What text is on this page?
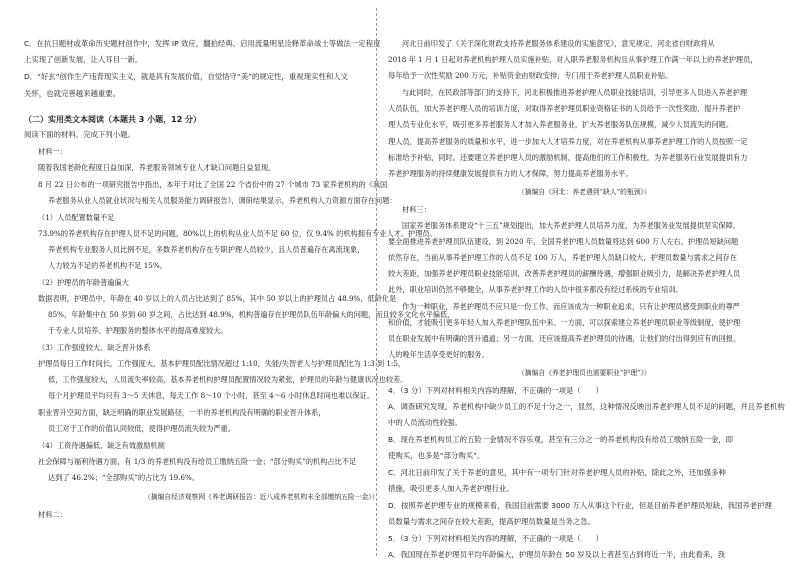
C．在抗日题材或革命历史题材创作中，发挥 IP 效应，翻拍经典、启用流量明星诠释革命战士等做法一定程度
上实现了创新发展，让人耳目一新。
D．“好玄”创作生产违背现实主义，就是具有发展价值，自觉恪守“美”的规定性，重视现实性和人文
关怀，也就完善越来越重要。
（二）实用类文本阅读（本题共 3 小题，12 分）
阅读下面的材料，完成下列小题。
材料一：
随着我国老龄化程度日益加深，养老服务领域专业人才缺口问题日益显现。
8 月 22 日公布的一项研究报告中指出，本年于对比了全国 22 个省份中的 27 个城市 73 家养老机构的《我国
养老服务从业人员就业状况与相关人员服务能力调研报告》，调研结果显示，养老机构人力资源方面存在问题：
（1）人员配置数量不足
73.9%的养老机构存在护理人员不足的问题，80%以上的机构从业人员不足 60 位，仅 9.4% 的机构拥有专业人才。护理员、
养老机构专业服务人员比例不足，多数养老机构存在专职护理人员较少，且人员普遍存在离流现象，
人力较为不足的养老机构不足 15%。
（2）护理员的年龄普遍偏大
数据表明，护理员中，年龄在 40 岁以上的人员占比达到了 85%，其中 50 岁以上的护理员占 48.9%，低龄化是
85%，年龄集中在 50 岁到 60 岁之间，占比达到 48.9%，机构普遍存在护理员队伍年龄偏大的问题，而且较多文化水平偏低，
于专业人员培养、护理服务的整体水平的提高难度较大。
（3）工作强度较大、缺乏晋升体系
护理员每日工作时间长，工作强度大，基本护理员配比情况超过 1:10，失能/失智老人与护理员配比为 1:3 到 1:5，
低，工作强度较大，人员流失率较高，基本养老机构护理员配置情况较为紧张，护理员的年龄与健康状况也较差。
每个月护理员平均只有 3～5 天休息，每天工作 8～10 个小时，甚至 4～6 小时休息时间也难以保证。
职业晋升空间方面，缺乏明确的职业发展路径，一半的养老机构没有明确的职业晋升体系，
员工对于工作的价值认同较低，使得护理员流失较为严重。
（4）工资待遇偏低、缺乏有效激励机制
社会保障与福利待遇方面，有 1/3 的养老机构没有给员工缴纳五险一金；“部分购买”的机构占比不足
达到了 46.2%；“全部购买”的占比为 19.6%。
（摘编自经济观察网《养老调研报告：近八成养老机构未全部缴纳五险一金》）
材料二：
河北日前印发了《关于深化财政支持养老服务体系建设的实施意见》，意见规定，河北省自财政将从
2018 年 1 月 1 日起对养老机构护理人员实施补贴，对入职养老服务机构且从事护理工作满一年以上的养老护理员，
每年给予一次性奖励 200 万元，补贴资金由财政安排，专门用于养老护理人员职业补贴。
与此同时，在民政部等部门的支持下，河北积极推进养老护理人员职业技能培训，引导更多人员进入养老护理
人员队伍，加大养老护理人员的培训力度，对取得养老护理员职业资格证书的人员给予一次性奖励，提升养老护
理人员专业化水平，吸引更多养老服务人才加入养老服务业，扩大养老服务队伍规模，减少人员流失的问题。
理人员，提高养老服务的质量和水平，进一步加大人才培养力度，对在养老机构从事养老护理工作的人员按照一定
标准给予补贴，同时，还要建立养老护理人员的激励机制，提高他们的工作积极性，为养老服务行业发展提供有力
养老护理服务的持续健康发展提供有力的人才保障，努力提高养老服务水平。
（摘编自《河北：养老遇到“缺人”的瓶颈》）
材料三：
国家养老服务体系建设“十三五”规划提出，加大养老护理人员培养力度，为养老服务业发展提供坚实保障，
要全面推进养老护理员队伍建设，到 2020 年，全国养老护理人员数量将达到 600 万人左右，护理员短缺问题
依然存在，当前从事养老护理工作的人员不足 100 万人，养老护理人员缺口较大，护理员数量与需求之间存在
较大差距，加强养老护理员职业技能培训，改善养老护理员的薪酬待遇，增强职业吸引力，是解决养老护理人员
此外，职业培训仍然不够健全，从事养老护理工作的人员中很多都没有经过系统的专业培训。
作为一种职业，养老护理员不应只是一份工作，而应该成为一种职业追求，只有让护理员感受到职业的尊严
和价值，才能吸引更多年轻人加入养老护理队伍中来。一方面，可以探索建立养老护理员职业等级制度，使护理
员在职业发展中有明确的晋升通道；另一方面，还应该提高养老护理员的待遇，让他们的付出得到应有的回报。
人的晚年生活享受更好的服务。
（摘编自《养老护理员也需要职业“护理”》）
4．（3 分）下列对材料相关内容的理解，不正确的一项是（　　）
A．调查研究发现，养老机构中缺少员工的不足十分之一，显然，这种情况反映出养老护理人员不足的问题，并且养老机构
中的人员流动性较强。
B．现在养老机构员工的五险一金情况不容乐观，甚至有三分之一的养老机构没有给员工缴纳五险一金，即
使购买，也多是“部分购买”。
C．河北日前印发了关于养老的意见，其中有一项专门针对养老护理人员的补贴，除此之外，还加强多种
措施，吸引更多人加入养老护理行业。
D．按照养老护理专业的规模来看，我国目前需要 3000 万人从事这个行业，但是目前养老护理员短缺，我国养老护理
员数量与需求之间存在较大差距，提高护理员数量是当务之急。
5．（3 分）下列对材料相关内容的理解，不正确的一项是（　　）
A．我国现在养老护理员平均年龄偏大，护理员年龄在 50 岁及以上者甚至占到将近一半，由此看来，我
